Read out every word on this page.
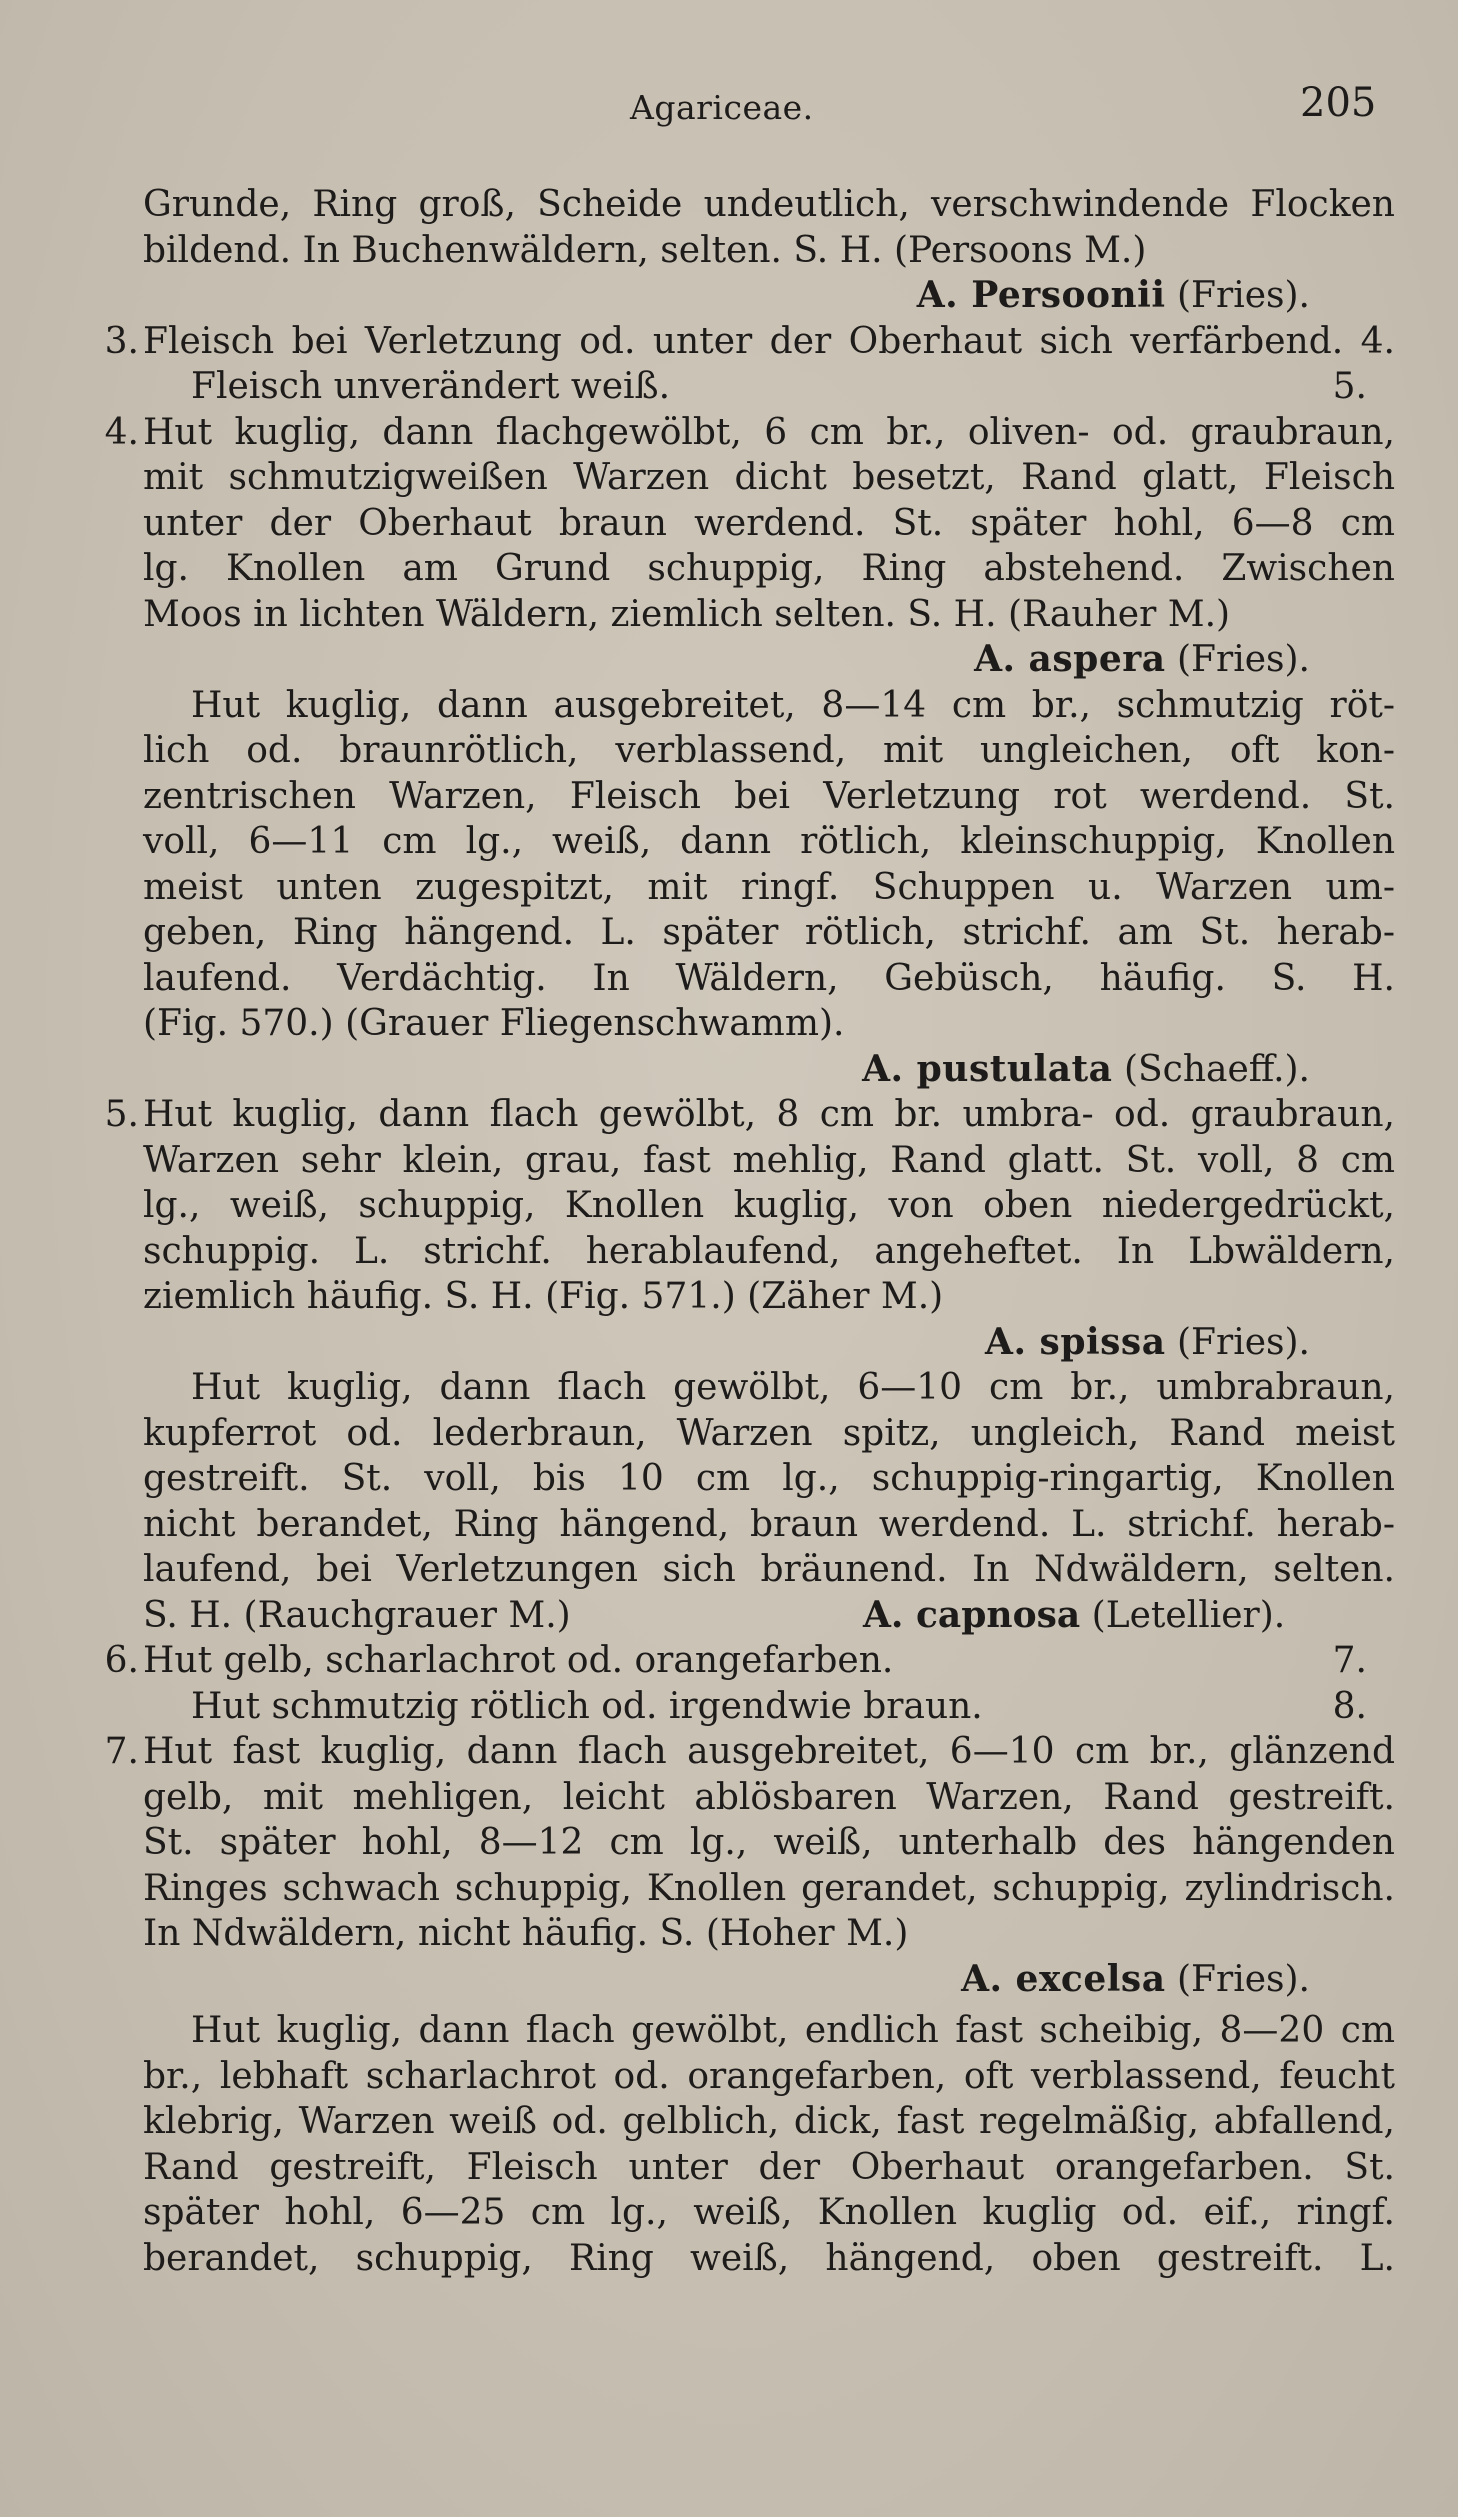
Agariceae.	205
Grunde, Ring groß, Scheide undeutlich, verschwindende Flocken
bildend. In Buchenwäldern, selten. S. H. (Persoons M.)
A. Persoonii (Fries).
3. Fleisch bei Verletzung od. unter der Oberhaut sich verfärbend. 4.
Fleisch unverändert weiß.	5.
4. Hut kuglig, dann flachgewölbt, 6 cm br., oliven- od. graubraun,
mit schmutzigweißen Warzen dicht besetzt, Rand glatt, Fleisch
unter der Oberhaut braun werdend. St. später hohl, 6—8 cm
lg. Knollen am Grund schuppig, Ring abstehend. Zwischen
Moos in lichten Wäldern, ziemlich selten. S. H. (Rauher M.)
A. aspera (Fries).
Hut kuglig, dann ausgebreitet, 8—14 cm br., schmutzig röt-
lich od. braunrötlich, verblassend, mit ungleichen, oft kon-
zentrischen Warzen, Fleisch bei Verletzung rot werdend. St.
voll, 6—11 cm lg., weiß, dann rötlich, kleinschuppig, Knollen
meist unten zugespitzt, mit ringf. Schuppen u. Warzen um-
geben, Ring hängend. L. später rötlich, strichf. am St. herab-
laufend. Verdächtig. In Wäldern, Gebüsch, häufig. S. H.
(Fig. 570.) (Grauer Fliegenschwamm).
A. pustulata (Schaeff.).
5. Hut kuglig, dann flach gewölbt, 8 cm br. umbra- od. graubraun,
Warzen sehr klein, grau, fast mehlig, Rand glatt. St. voll, 8 cm
lg., weiß, schuppig, Knollen kuglig, von oben niedergedrückt,
schuppig. L. strichf. herablaufend, angeheftet. In Lbwäldern,
ziemlich häufig. S. H. (Fig. 571.) (Zäher M.)
A. spissa (Fries).
Hut kuglig, dann flach gewölbt, 6—10 cm br., umbrabraun,
kupferrot od. lederbraun, Warzen spitz, ungleich, Rand meist
gestreift. St. voll, bis 10 cm lg., schuppig-ringartig, Knollen
nicht berandet, Ring hängend, braun werdend. L. strichf. herab-
laufend, bei Verletzungen sich bräunend. In Ndwäldern, selten.
S. H. (Rauchgrauer M.)	A. capnosa (Letellier).
6. Hut gelb, scharlachrot od. orangefarben.	7.
Hut schmutzig rötlich od. irgendwie braun.	8.
7. Hut fast kuglig, dann flach ausgebreitet, 6—10 cm br., glänzend
gelb, mit mehligen, leicht ablösbaren Warzen, Rand gestreift.
St. später hohl, 8—12 cm lg., weiß, unterhalb des hängenden
Ringes schwach schuppig, Knollen gerandet, schuppig, zylindrisch.
In Ndwäldern, nicht häufig. S. (Hoher M.)
A. excelsa (Fries).
Hut kuglig, dann flach gewölbt, endlich fast scheibig, 8—20 cm
br., lebhaft scharlachrot od. orangefarben, oft verblassend, feucht
klebrig, Warzen weiß od. gelblich, dick, fast regelmäßig, abfallend,
Rand gestreift, Fleisch unter der Oberhaut orangefarben. St.
später hohl, 6—25 cm lg., weiß, Knollen kuglig od. eif., ringf.
berandet, schuppig, Ring weiß, hängend, oben gestreift. L.
